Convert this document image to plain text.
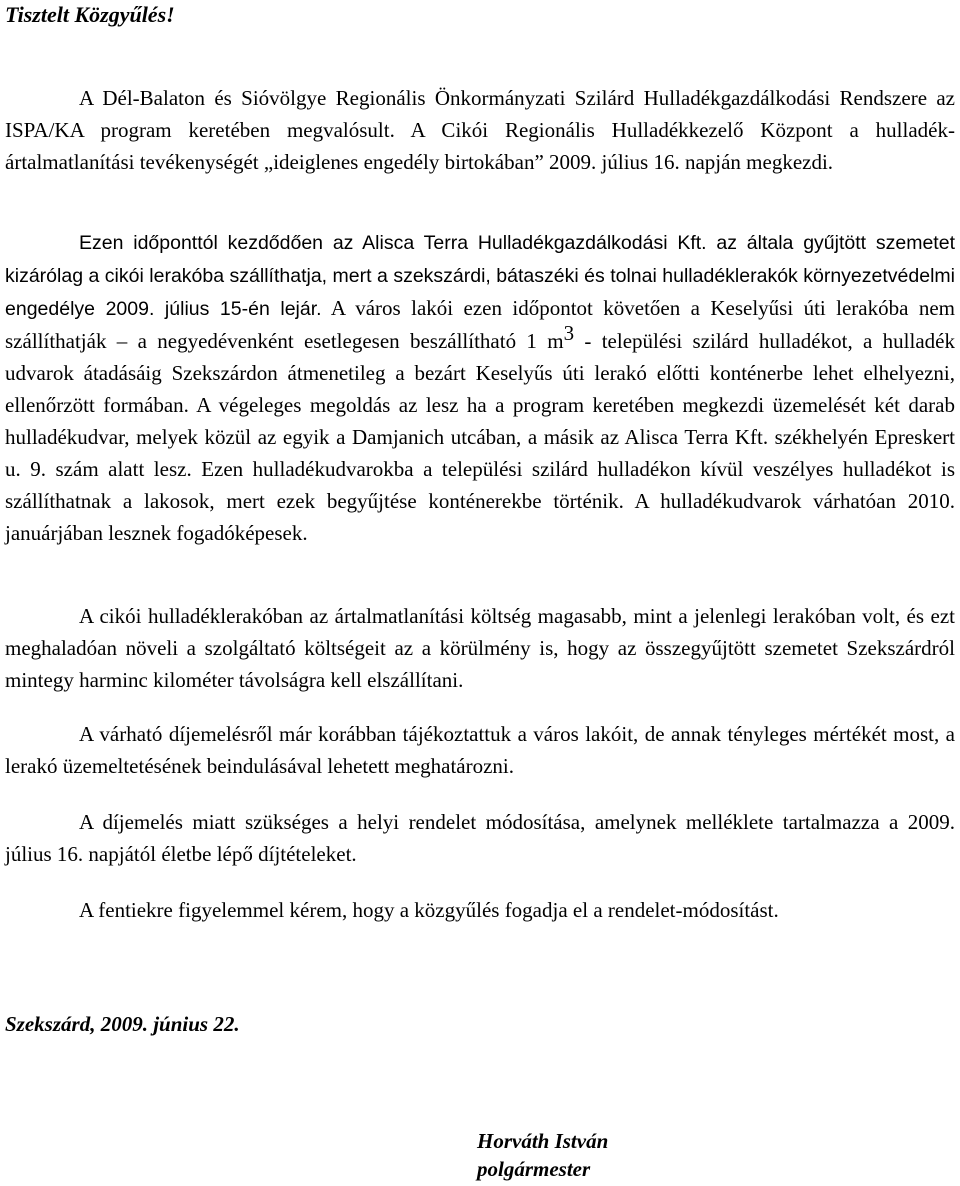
Tisztelt Közgyűlés!

A Dél-Balaton és Sióvölgye Regionális Önkormányzati Szilárd Hulladékgazdálkodási Rendszere az ISPA/KA program keretében megvalósult. A Cikói Regionális Hulladékkezelő Központ a hulladék-ártalmatlanítási tevékenységét „ideiglenes engedély birtokában” 2009. július 16. napján megkezdi.

Ezen időponttól kezdődően az Alisca Terra Hulladékgazdálkodási Kft. az általa gyűjtött szemetet kizárólag a cikói lerakóba szállíthatja, mert a szekszárdi, bátaszéki és tolnai hulladéklerakók környezetvédelmi engedélye 2009. július 15-én lejár. A város lakói ezen időpontot követően a Keselyűsi úti lerakóba nem szállíthatják – a negyedévenként esetlegesen beszállítható 1 $m^3$ - települési szilárd hulladékot, a hulladék udvarok átadásáig Szekszárdon átmenetileg a bezárt Keselyűs úti lerakó előtti konténerbe lehet elhelyezni, ellenőrzött formában. A végeleges megoldás az lesz ha a program keretében megkezdi üzemelését két darab hulladékudvar, melyek közül az egyik a Damjanich utcában, a másik az Alisca Terra Kft. székhelyén Epreskert u. 9. szám alatt lesz. Ezen hulladékudvarokba a települési szilárd hulladékon kívül veszélyes hulladékot is szállíthatnak a lakosok, mert ezek begyűjtése konténerekbe történik. A hulladékudvarok várhatóan 2010. januárjában lesznek fogadóképesek.

A cikói hulladéklerakóban az ártalmatlanítási költség magasabb, mint a jelenlegi lerakóban volt, és ezt meghaladóan növeli a szolgáltató költségeit az a körülmény is, hogy az összegyűjtött szemetet Szekszárdról mintegy harminc kilométer távolságra kell elszállítani.

A várható díjemelésről már korábban tájékoztattuk a város lakóit, de annak tényleges mértékét most, a lerakó üzemeltetésének beindulásával lehetett meghatározni.

A díjemelés miatt szükséges a helyi rendelet módosítása, amelynek melléklete tartalmazza a 2009. július 16. napjától életbe lépő díjtételeket.

A fentiekre figyelemmel kérem, hogy a közgyűlés fogadja el a rendelet-módosítást.

Szekszárd, 2009. június 22.
Horváth István
polgármester
